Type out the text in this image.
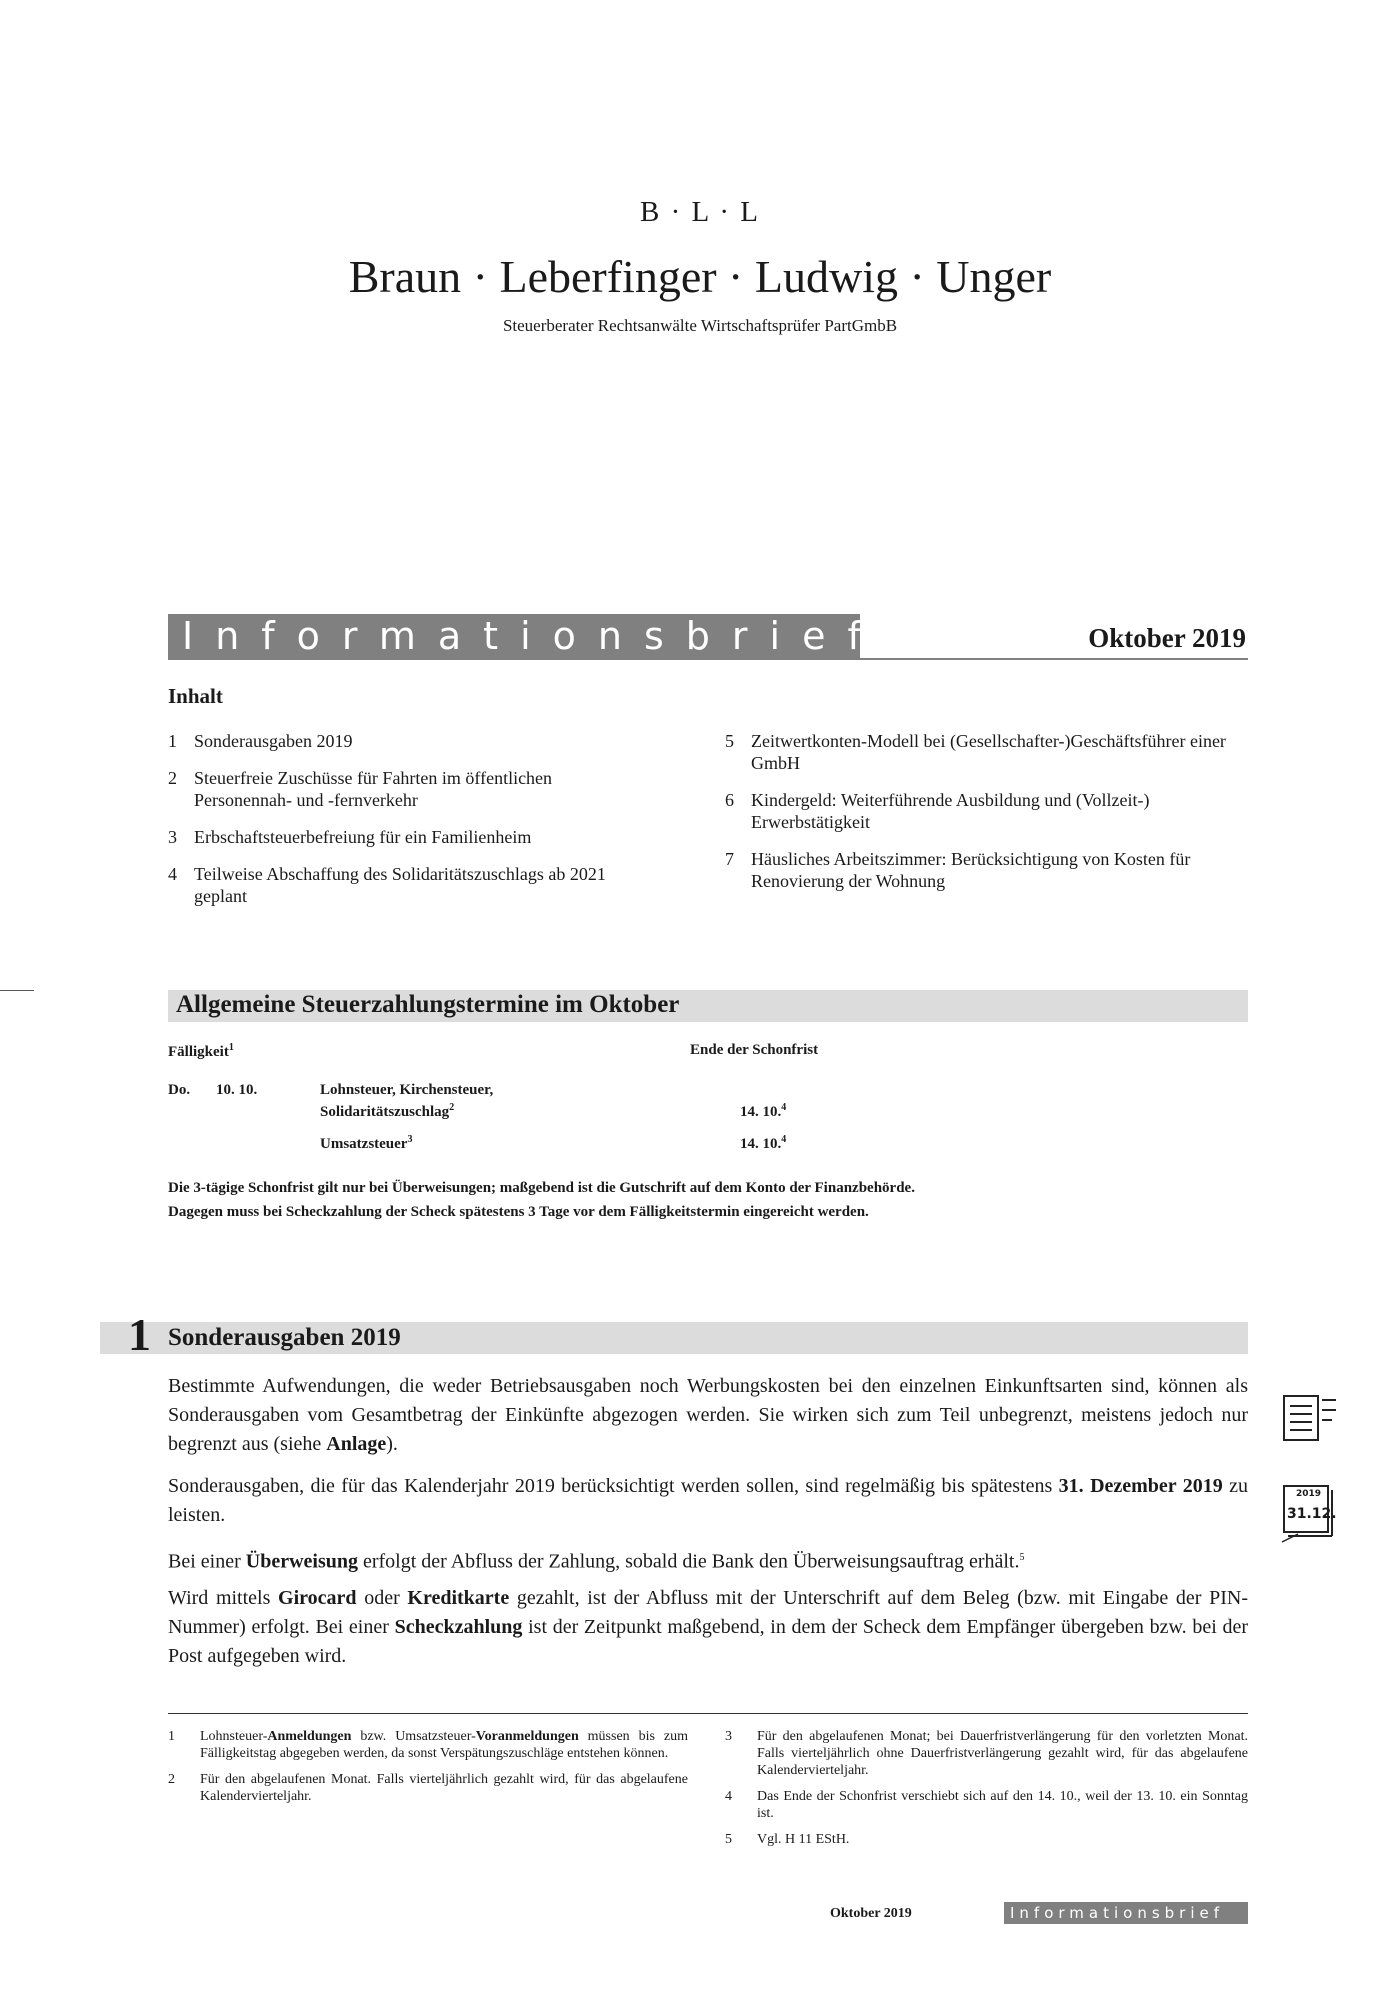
B · L · L
Braun · Leberfinger · Ludwig · Unger
Steuerberater Rechtsanwälte Wirtschaftsprüfer PartGmbB
Informationsbrief	Oktober 2019
Inhalt
1 Sonderausgaben 2019
2 Steuerfreie Zuschüsse für Fahrten im öffentlichen Personennah- und -fernverkehr
3 Erbschaftsteuerbefreiung für ein Familienheim
4 Teilweise Abschaffung des Solidaritätszuschlags ab 2021 geplant
5 Zeitwertkonten-Modell bei (Gesellschafter-)Geschäftsführer einer GmbH
6 Kindergeld: Weiterführende Ausbildung und (Vollzeit-) Erwerbstätigkeit
7 Häusliches Arbeitszimmer: Berücksichtigung von Kosten für Renovierung der Wohnung
Allgemeine Steuerzahlungstermine im Oktober
Fälligkeit$^1$	Ende der Schonfrist
Do. 10. 10.	Lohnsteuer, Kirchensteuer,
Solidaritätszuschlag$^2$	14. 10.$^4$
Umsatzsteuer$^3$	14. 10.$^4$
Die 3-tägige Schonfrist gilt nur bei Überweisungen; maßgebend ist die Gutschrift auf dem Konto der Finanzbehörde.
Dagegen muss bei Scheckzahlung der Scheck spätestens 3 Tage vor dem Fälligkeitstermin eingereicht werden.
1 Sonderausgaben 2019
Bestimmte Aufwendungen, die weder Betriebsausgaben noch Werbungskosten bei den einzelnen Einkunftsarten sind, können als Sonderausgaben vom Gesamtbetrag der Einkünfte abgezogen werden. Sie wirken sich zum Teil unbegrenzt, meistens jedoch nur begrenzt aus (siehe Anlage).
Sonderausgaben, die für das Kalenderjahr 2019 berücksichtigt werden sollen, sind regelmäßig bis spätestens 31. Dezember 2019 zu leisten.
Bei einer Überweisung erfolgt der Abfluss der Zahlung, sobald die Bank den Überweisungsauftrag erhält.$^5$
Wird mittels Girocard oder Kreditkarte gezahlt, ist der Abfluss mit der Unterschrift auf dem Beleg (bzw. mit Eingabe der PIN-Nummer) erfolgt. Bei einer Scheckzahlung ist der Zeitpunkt maßgebend, in dem der Scheck dem Empfänger übergeben bzw. bei der Post aufgegeben wird.
2019
31.12.
1	Lohnsteuer-Anmeldungen bzw. Umsatzsteuer-Voranmeldungen müssen bis zum Fälligkeitstag abgegeben werden, da sonst Verspätungszuschläge entstehen können.
2	Für den abgelaufenen Monat. Falls vierteljährlich gezahlt wird, für das abgelaufene Kalendervierteljahr.
3	Für den abgelaufenen Monat; bei Dauerfristverlängerung für den vorletzten Monat. Falls vierteljährlich ohne Dauerfristverlängerung gezahlt wird, für das abgelaufene Kalendervierteljahr.
4	Das Ende der Schonfrist verschiebt sich auf den 14. 10., weil der 13. 10. ein Sonntag ist.
5	Vgl. H 11 EStH.
Oktober 2019	Informationsbrief
